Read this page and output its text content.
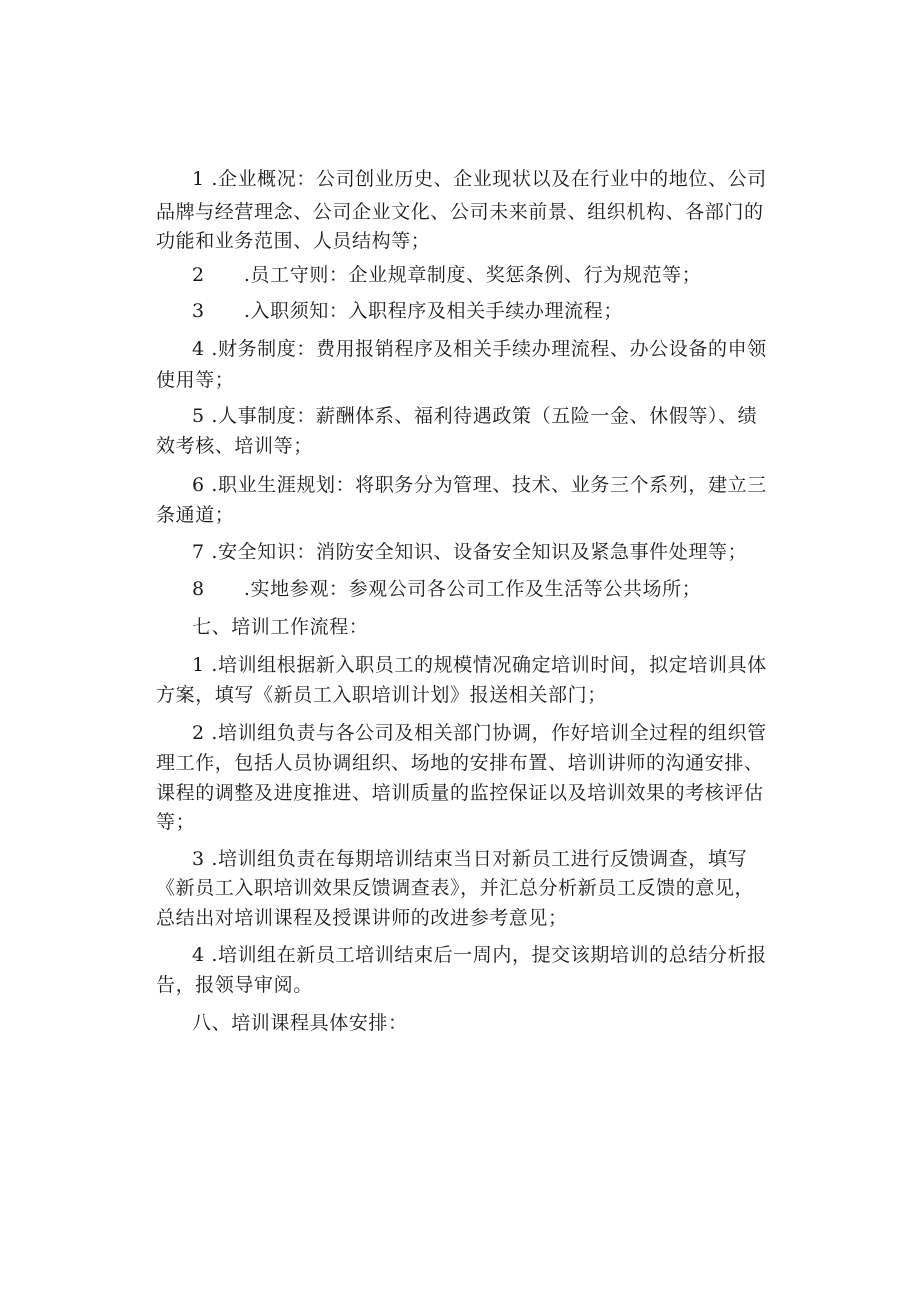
1 .企业概况：公司创业历史、企业现状以及在行业中的地位、公司
品牌与经营理念、公司企业文化、公司未来前景、组织机构、各部门的
功能和业务范围、人员结构等；
2　　.员工守则：企业规章制度、奖惩条例、行为规范等；
3　　.入职须知：入职程序及相关手续办理流程；
4 .财务制度：费用报销程序及相关手续办理流程、办公设备的申领
使用等；
5 .人事制度：薪酬体系、福利待遇政策（五险一金、休假等）、绩
效考核、培训等；
6 .职业生涯规划：将职务分为管理、技术、业务三个系列，建立三
条通道；
7 .安全知识：消防安全知识、设备安全知识及紧急事件处理等；
8　　.实地参观：参观公司各公司工作及生活等公共场所；
七、培训工作流程：
1 .培训组根据新入职员工的规模情况确定培训时间，拟定培训具体
方案，填写《新员工入职培训计划》报送相关部门；
2 .培训组负责与各公司及相关部门协调，作好培训全过程的组织管
理工作，包括人员协调组织、场地的安排布置、培训讲师的沟通安排、
课程的调整及进度推进、培训质量的监控保证以及培训效果的考核评估
等；
3 .培训组负责在每期培训结束当日对新员工进行反馈调查，填写
《新员工入职培训效果反馈调查表》，并汇总分析新员工反馈的意见，
总结出对培训课程及授课讲师的改进参考意见；
4 .培训组在新员工培训结束后一周内，提交该期培训的总结分析报
告，报领导审阅。
八、培训课程具体安排：
